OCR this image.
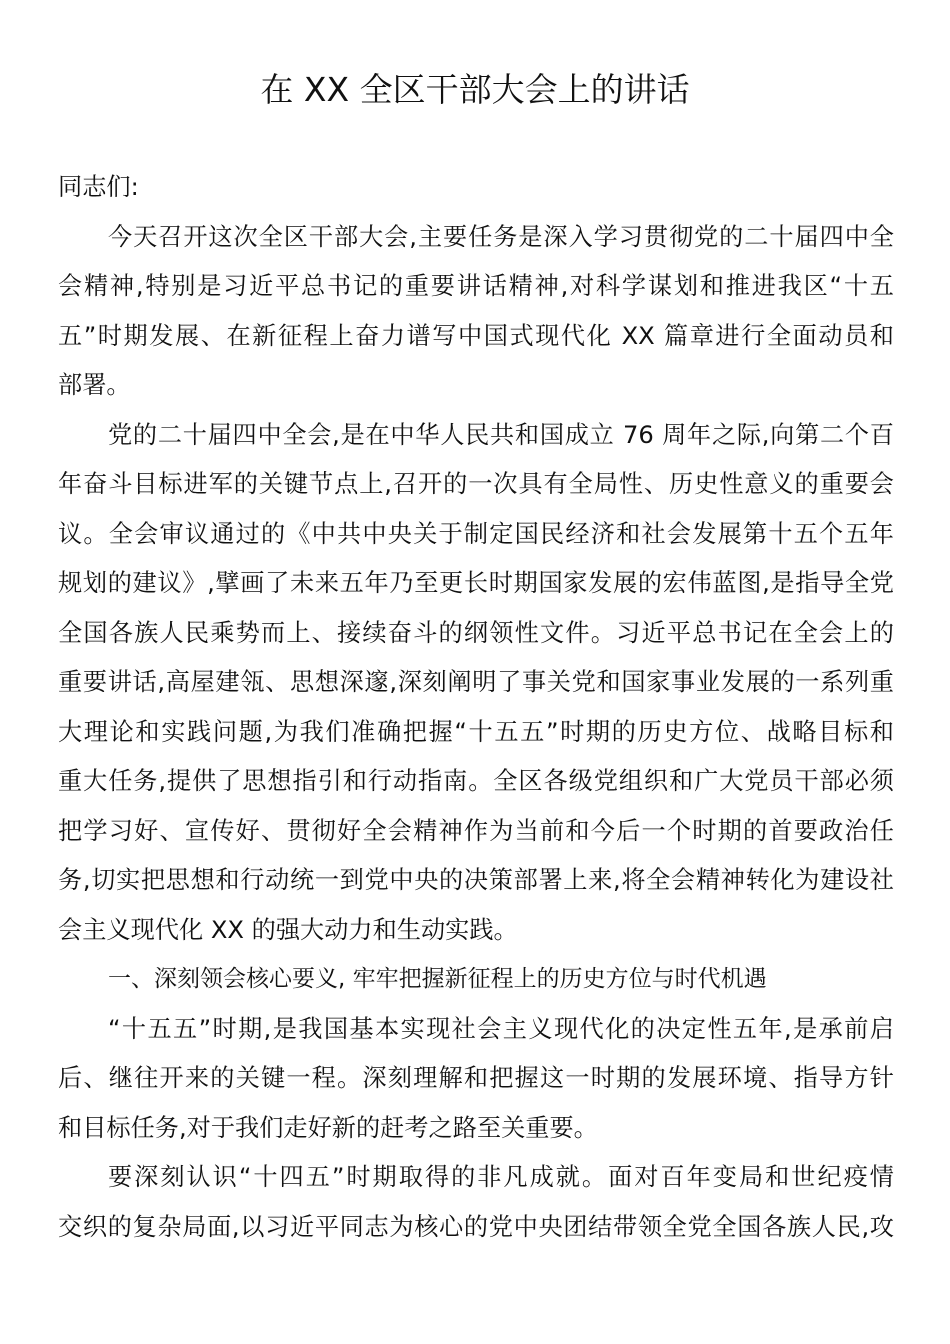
在 XX 全区干部大会上的讲话
同志们:
今天召开这次全区干部大会,主要任务是深入学习贯彻党的二十届四中全
会精神,特别是习近平总书记的重要讲话精神,对科学谋划和推进我区“十五
五”时期发展、在新征程上奋力谱写中国式现代化 XX 篇章进行全面动员和
部署。
党的二十届四中全会,是在中华人民共和国成立 76 周年之际,向第二个百
年奋斗目标进军的关键节点上,召开的一次具有全局性、历史性意义的重要会
议。全会审议通过的《中共中央关于制定国民经济和社会发展第十五个五年
规划的建议》,擘画了未来五年乃至更长时期国家发展的宏伟蓝图,是指导全党
全国各族人民乘势而上、接续奋斗的纲领性文件。习近平总书记在全会上的
重要讲话,高屋建瓴、思想深邃,深刻阐明了事关党和国家事业发展的一系列重
大理论和实践问题,为我们准确把握“十五五”时期的历史方位、战略目标和
重大任务,提供了思想指引和行动指南。全区各级党组织和广大党员干部必须
把学习好、宣传好、贯彻好全会精神作为当前和今后一个时期的首要政治任
务,切实把思想和行动统一到党中央的决策部署上来,将全会精神转化为建设社
会主义现代化 XX 的强大动力和生动实践。
一、深刻领会核心要义, 牢牢把握新征程上的历史方位与时代机遇
“十五五”时期,是我国基本实现社会主义现代化的决定性五年,是承前启
后、继往开来的关键一程。深刻理解和把握这一时期的发展环境、指导方针
和目标任务,对于我们走好新的赶考之路至关重要。
要深刻认识“十四五”时期取得的非凡成就。面对百年变局和世纪疫情
交织的复杂局面,以习近平同志为核心的党中央团结带领全党全国各族人民,攻
